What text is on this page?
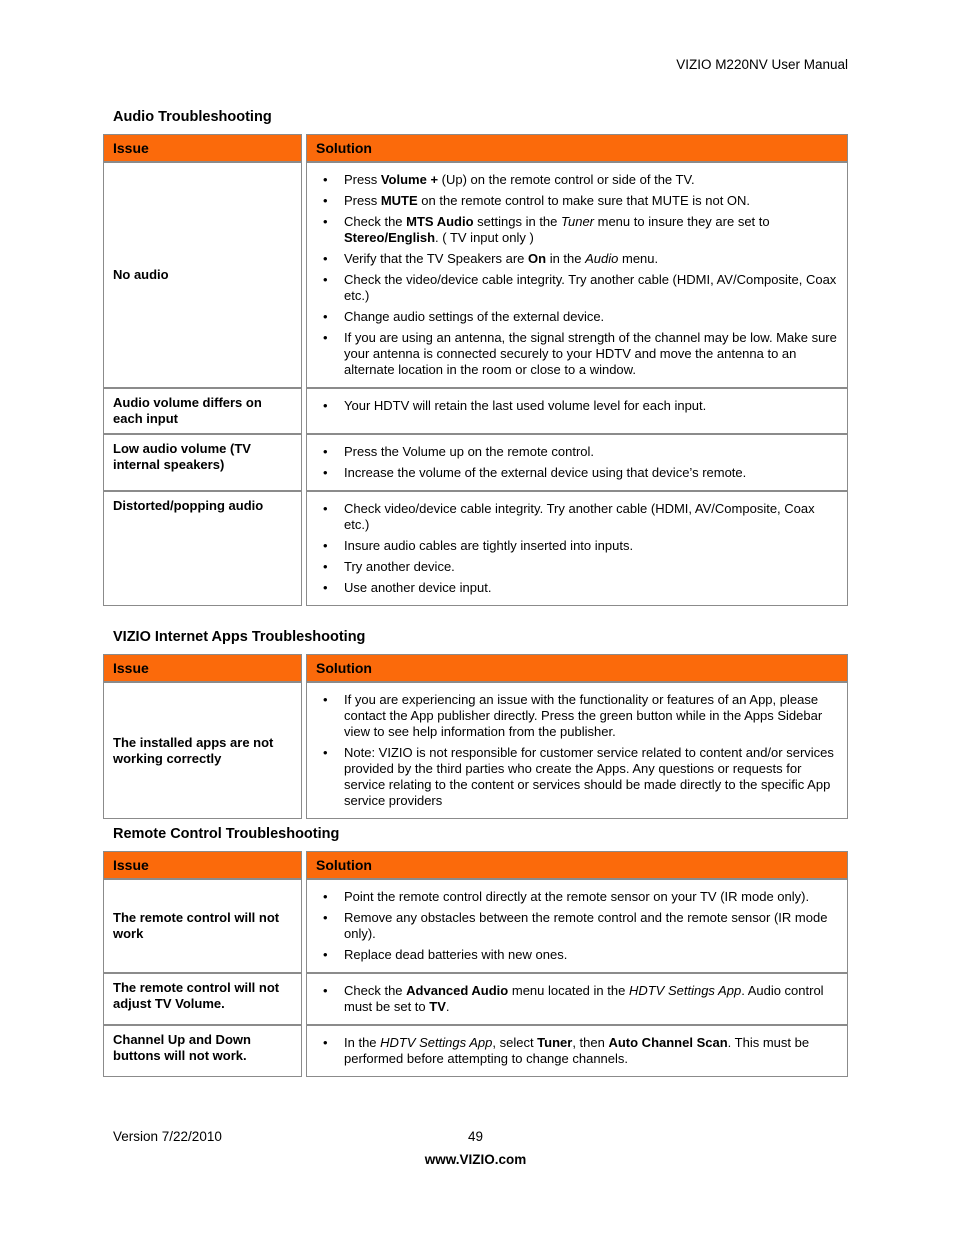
VIZIO M220NV User Manual
Audio Troubleshooting
Issue	Solution
No audio
• Press Volume + (Up) on the remote control or side of the TV.
• Press MUTE on the remote control to make sure that MUTE is not ON.
• Check the MTS Audio settings in the Tuner menu to insure they are set to Stereo/English. ( TV input only )
• Verify that the TV Speakers are On in the Audio menu.
• Check the video/device cable integrity. Try another cable (HDMI, AV/Composite, Coax etc.)
• Change audio settings of the external device.
• If you are using an antenna, the signal strength of the channel may be low. Make sure your antenna is connected securely to your HDTV and move the antenna to an alternate location in the room or close to a window.
Audio volume differs on each input
• Your HDTV will retain the last used volume level for each input.
Low audio volume (TV internal speakers)
• Press the Volume up on the remote control.
• Increase the volume of the external device using that device’s remote.
Distorted/popping audio	• Check video/device cable integrity. Try another cable (HDMI, AV/Composite, Coax etc.)
• Insure audio cables are tightly inserted into inputs.
• Try another device.
• Use another device input.
VIZIO Internet Apps Troubleshooting
Issue	Solution
The installed apps are not working correctly
• If you are experiencing an issue with the functionality or features of an App, please contact the App publisher directly. Press the green button while in the Apps Sidebar view to see help information from the publisher.
• Note: VIZIO is not responsible for customer service related to content and/or services provided by the third parties who create the Apps. Any questions or requests for service relating to the content or services should be made directly to the specific App service providers
Remote Control Troubleshooting
Issue	Solution
The remote control will not work
• Point the remote control directly at the remote sensor on your TV (IR mode only).
• Remove any obstacles between the remote control and the remote sensor (IR mode only).
• Replace dead batteries with new ones.
The remote control will not adjust TV Volume.
• Check the Advanced Audio menu located in the HDTV Settings App. Audio control must be set to TV.
Channel Up and Down buttons will not work.
• In the HDTV Settings App, select Tuner, then Auto Channel Scan. This must be performed before attempting to change channels.
Version 7/22/2010	49
www.VIZIO.com
